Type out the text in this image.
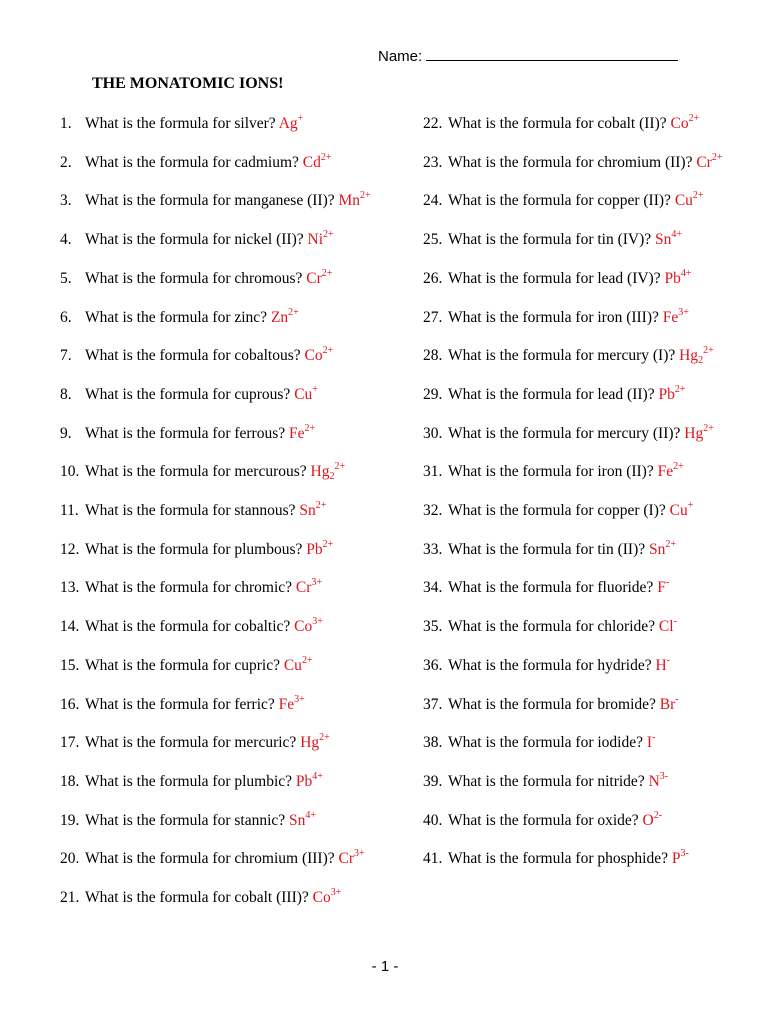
Name:
THE MONATOMIC IONS!
1. What is the formula for silver? Ag+
2. What is the formula for cadmium? $Cd^{2+}$
3. What is the formula for manganese (II)? $Mn^{2+}$
4. What is the formula for nickel (II)? $Ni^{2+}$
5. What is the formula for chromous? $Cr^{2+}$
6. What is the formula for zinc? $Zn^{2+}$
7. What is the formula for cobaltous? $Co^{2+}$
8. What is the formula for cuprous? Cu+
9. What is the formula for ferrous? $Fe^{2+}$
10. What is the formula for mercurous? $Hg_2^{2+}$
11. What is the formula for stannous? $Sn^{2+}$
12. What is the formula for plumbous? $Pb^{2+}$
13. What is the formula for chromic? $Cr^{3+}$
14. What is the formula for cobaltic? $Co^{3+}$
15. What is the formula for cupric? $Cu^{2+}$
16. What is the formula for ferric? $Fe^{3+}$
17. What is the formula for mercuric? $Hg^{2+}$
18. What is the formula for plumbic? $Pb^{4+}$
19. What is the formula for stannic? $Sn^{4+}$
20. What is the formula for chromium (III)? $Cr^{3+}$
21. What is the formula for cobalt (III)? $Co^{3+}$
22. What is the formula for cobalt (II)? $Co^{2+}$
23. What is the formula for chromium (II)? $Cr^{2+}$
24. What is the formula for copper (II)? $Cu^{2+}$
25. What is the formula for tin (IV)? $Sn^{4+}$
26. What is the formula for lead (IV)? $Pb^{4+}$
27. What is the formula for iron (III)? $Fe^{3+}$
28. What is the formula for mercury (I)? $Hg_2^{2+}$
29. What is the formula for lead (II)? $Pb^{2+}$
30. What is the formula for mercury (II)? $Hg^{2+}$
31. What is the formula for iron (II)? $Fe^{2+}$
32. What is the formula for copper (I)? Cu+
33. What is the formula for tin (II)? $Sn^{2+}$
34. What is the formula for fluoride? F-
35. What is the formula for chloride? Cl-
36. What is the formula for hydride? H-
37. What is the formula for bromide? Br-
38. What is the formula for iodide? I-
39. What is the formula for nitride? $N^{3-}$
40. What is the formula for oxide? $O^{2-}$
41. What is the formula for phosphide? $P^{3-}$
- 1 -
